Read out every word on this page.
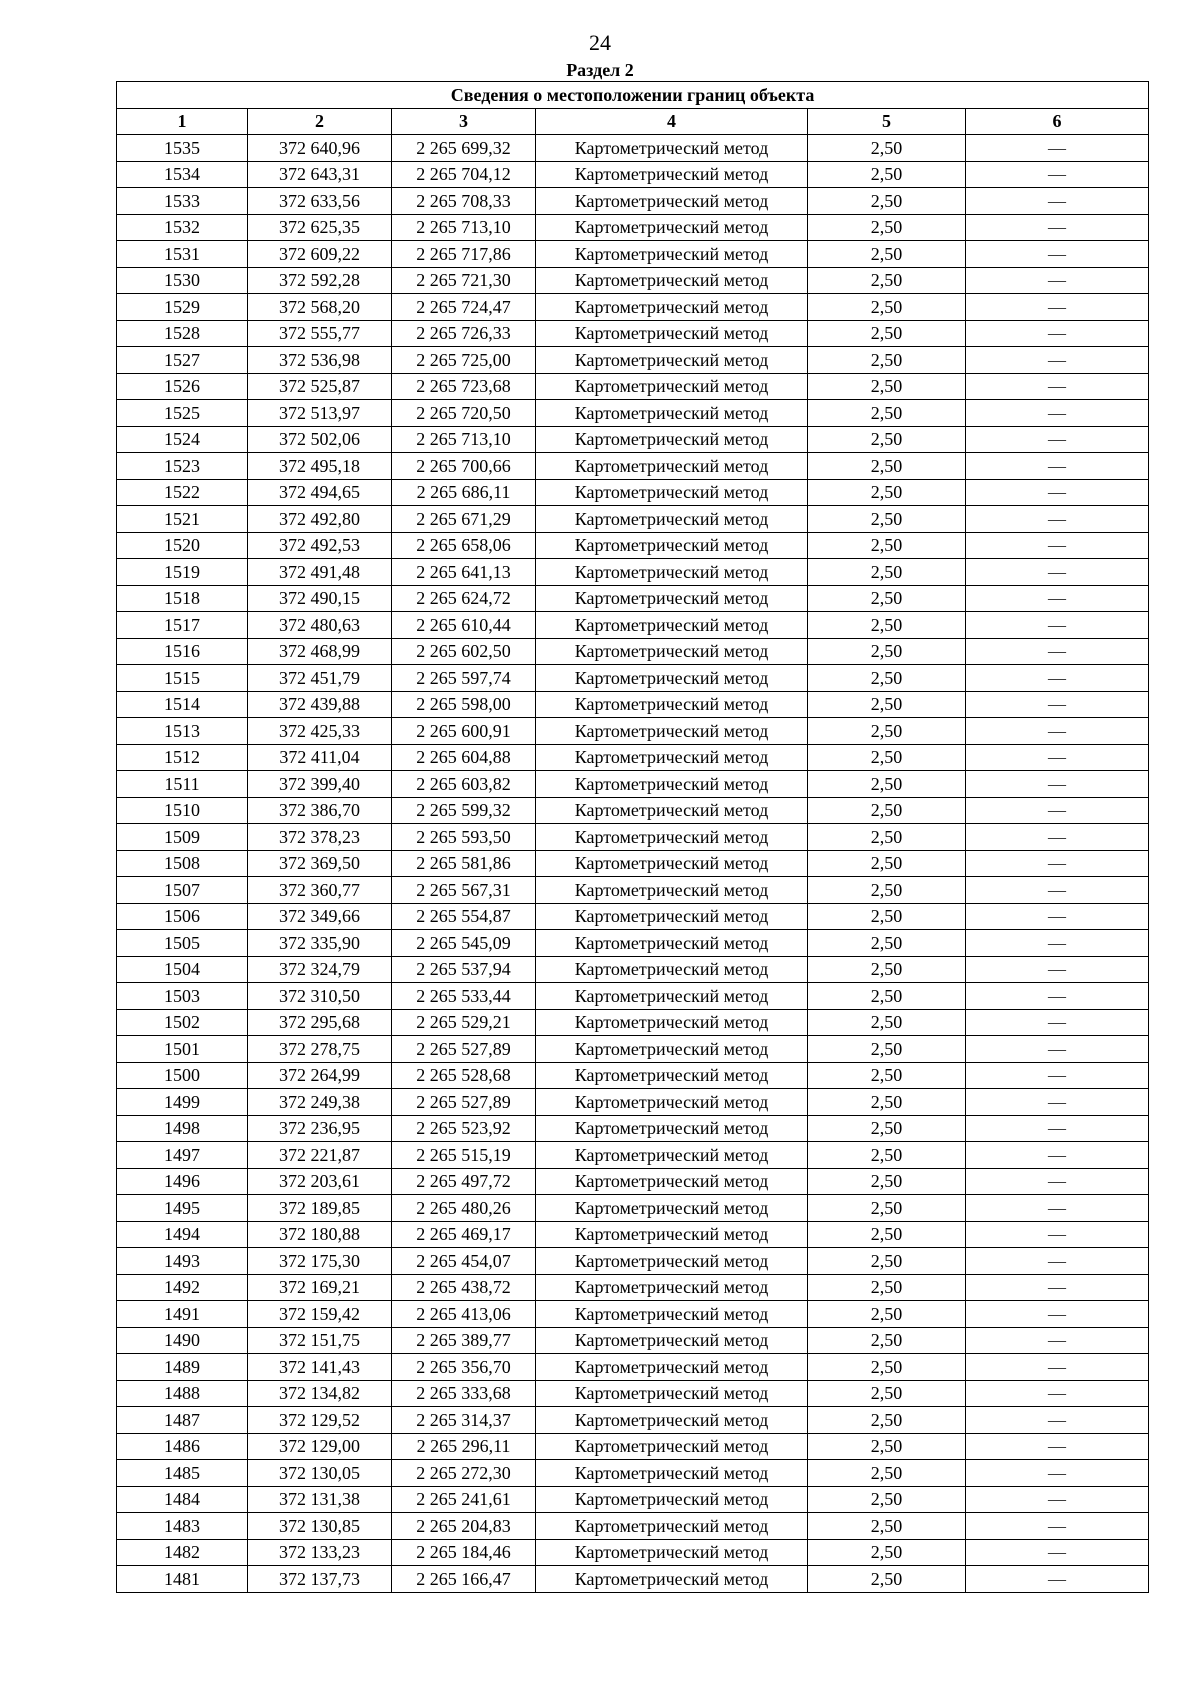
24
Раздел 2
Сведения о местоположении границ объекта					
1	2	3	4	5	6
1535	372 640,96	2 265 699,32	Картометрический метод	2,50	—
1534	372 643,31	2 265 704,12	Картометрический метод	2,50	—
1533	372 633,56	2 265 708,33	Картометрический метод	2,50	—
1532	372 625,35	2 265 713,10	Картометрический метод	2,50	—
1531	372 609,22	2 265 717,86	Картометрический метод	2,50	—
1530	372 592,28	2 265 721,30	Картометрический метод	2,50	—
1529	372 568,20	2 265 724,47	Картометрический метод	2,50	—
1528	372 555,77	2 265 726,33	Картометрический метод	2,50	—
1527	372 536,98	2 265 725,00	Картометрический метод	2,50	—
1526	372 525,87	2 265 723,68	Картометрический метод	2,50	—
1525	372 513,97	2 265 720,50	Картометрический метод	2,50	—
1524	372 502,06	2 265 713,10	Картометрический метод	2,50	—
1523	372 495,18	2 265 700,66	Картометрический метод	2,50	—
1522	372 494,65	2 265 686,11	Картометрический метод	2,50	—
1521	372 492,80	2 265 671,29	Картометрический метод	2,50	—
1520	372 492,53	2 265 658,06	Картометрический метод	2,50	—
1519	372 491,48	2 265 641,13	Картометрический метод	2,50	—
1518	372 490,15	2 265 624,72	Картометрический метод	2,50	—
1517	372 480,63	2 265 610,44	Картометрический метод	2,50	—
1516	372 468,99	2 265 602,50	Картометрический метод	2,50	—
1515	372 451,79	2 265 597,74	Картометрический метод	2,50	—
1514	372 439,88	2 265 598,00	Картометрический метод	2,50	—
1513	372 425,33	2 265 600,91	Картометрический метод	2,50	—
1512	372 411,04	2 265 604,88	Картометрический метод	2,50	—
1511	372 399,40	2 265 603,82	Картометрический метод	2,50	—
1510	372 386,70	2 265 599,32	Картометрический метод	2,50	—
1509	372 378,23	2 265 593,50	Картометрический метод	2,50	—
1508	372 369,50	2 265 581,86	Картометрический метод	2,50	—
1507	372 360,77	2 265 567,31	Картометрический метод	2,50	—
1506	372 349,66	2 265 554,87	Картометрический метод	2,50	—
1505	372 335,90	2 265 545,09	Картометрический метод	2,50	—
1504	372 324,79	2 265 537,94	Картометрический метод	2,50	—
1503	372 310,50	2 265 533,44	Картометрический метод	2,50	—
1502	372 295,68	2 265 529,21	Картометрический метод	2,50	—
1501	372 278,75	2 265 527,89	Картометрический метод	2,50	—
1500	372 264,99	2 265 528,68	Картометрический метод	2,50	—
1499	372 249,38	2 265 527,89	Картометрический метод	2,50	—
1498	372 236,95	2 265 523,92	Картометрический метод	2,50	—
1497	372 221,87	2 265 515,19	Картометрический метод	2,50	—
1496	372 203,61	2 265 497,72	Картометрический метод	2,50	—
1495	372 189,85	2 265 480,26	Картометрический метод	2,50	—
1494	372 180,88	2 265 469,17	Картометрический метод	2,50	—
1493	372 175,30	2 265 454,07	Картометрический метод	2,50	—
1492	372 169,21	2 265 438,72	Картометрический метод	2,50	—
1491	372 159,42	2 265 413,06	Картометрический метод	2,50	—
1490	372 151,75	2 265 389,77	Картометрический метод	2,50	—
1489	372 141,43	2 265 356,70	Картометрический метод	2,50	—
1488	372 134,82	2 265 333,68	Картометрический метод	2,50	—
1487	372 129,52	2 265 314,37	Картометрический метод	2,50	—
1486	372 129,00	2 265 296,11	Картометрический метод	2,50	—
1485	372 130,05	2 265 272,30	Картометрический метод	2,50	—
1484	372 131,38	2 265 241,61	Картометрический метод	2,50	—
1483	372 130,85	2 265 204,83	Картометрический метод	2,50	—
1482	372 133,23	2 265 184,46	Картометрический метод	2,50	—
1481	372 137,73	2 265 166,47	Картометрический метод	2,50	—
